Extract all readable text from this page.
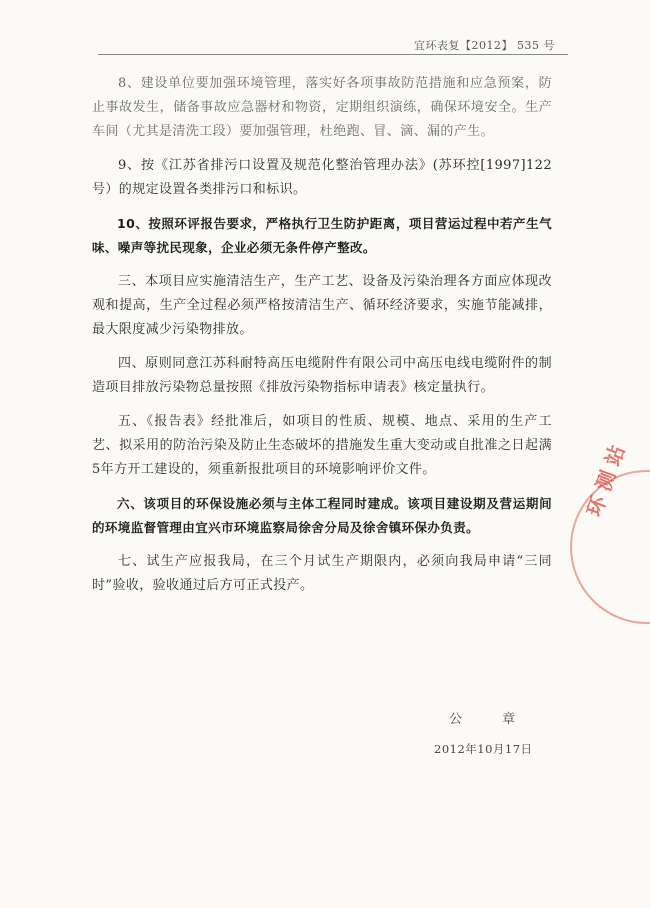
宜环表复【2012】 535 号

8、建设单位要加强环境管理，落实好各项事故防范措施和应急预案，防止事故发生，储备事故应急器材和物资，定期组织演练，确保环境安全。生产车间（尤其是清洗工段）要加强管理，杜绝跑、冒、滴、漏的产生。

9、按《江苏省排污口设置及规范化整治管理办法》(苏环控[1997]122号）的规定设置各类排污口和标识。

10、按照环评报告要求，严格执行卫生防护距离，项目营运过程中若产生气味、噪声等扰民现象，企业必须无条件停产整改。

三、本项目应实施清洁生产，生产工艺、设备及污染治理各方面应体现改观和提高，生产全过程必须严格按清洁生产、循环经济要求，实施节能减排，最大限度减少污染物排放。

四、原则同意江苏科耐特高压电缆附件有限公司中高压电线电缆附件的制造项目排放污染物总量按照《排放污染物指标申请表》核定量执行。

五、《报告表》经批准后，如项目的性质、规模、地点、采用的生产工艺、拟采用的防治污染及防止生态破坏的措施发生重大变动或自批准之日起满5年方开工建设的，须重新报批项目的环境影响评价文件。

六、该项目的环保设施必须与主体工程同时建成。该项目建设期及营运期间的环境监督管理由宜兴市环境监察局徐舍分局及徐舍镇环保办负责。

七、试生产应报我局，在三个月试生产期限内，必须向我局申请“三同时”验收，验收通过后方可正式投产。

公 章
2012年10月17日
环 测 站
